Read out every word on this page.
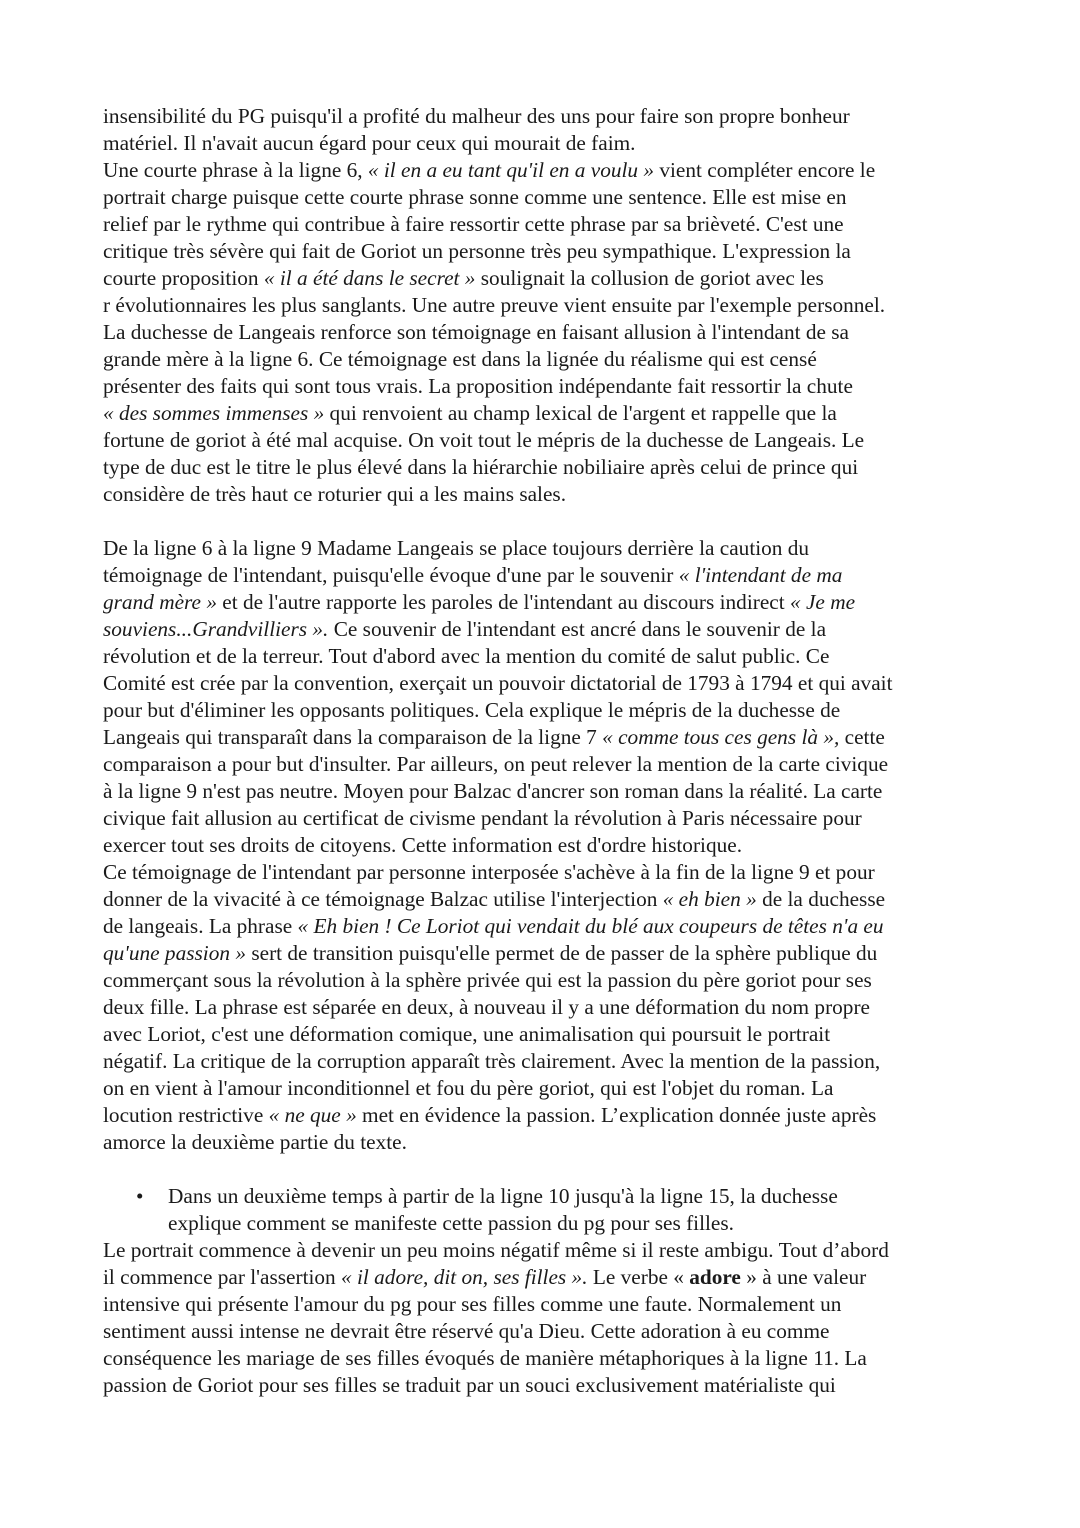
insensibilité du PG puisqu'il a profité du malheur des uns pour faire son propre bonheur
matériel. Il n'avait aucun égard pour ceux qui mourait de faim.
Une courte phrase à la ligne 6, « il en a eu tant qu'il en a voulu » vient compléter encore le
portrait charge puisque cette courte phrase sonne comme une sentence. Elle est mise en
relief par le rythme qui contribue à faire ressortir cette phrase par sa brièveté. C'est une
critique très sévère qui fait de Goriot un personne très peu sympathique. L'expression la
courte proposition « il a été dans le secret » soulignait la collusion de goriot avec les
r évolutionnaires les plus sanglants. Une autre preuve vient ensuite par l'exemple personnel.
La duchesse de Langeais renforce son témoignage en faisant allusion à l'intendant de sa
grande mère à la ligne 6. Ce témoignage est dans la lignée du réalisme qui est censé
présenter des faits qui sont tous vrais. La proposition indépendante fait ressortir la chute
« des sommes immenses » qui renvoient au champ lexical de l'argent et rappelle que la
fortune de goriot à été mal acquise. On voit tout le mépris de la duchesse de Langeais. Le
type de duc est le titre le plus élevé dans la hiérarchie nobiliaire après celui de prince qui
considère de très haut ce roturier qui a les mains sales.
De la ligne 6 à la ligne 9 Madame Langeais se place toujours derrière la caution du
témoignage de l'intendant, puisqu'elle évoque d'une par le souvenir « l'intendant de ma
grand mère » et de l'autre rapporte les paroles de l'intendant au discours indirect « Je me
souviens...Grandvilliers ». Ce souvenir de l'intendant est ancré dans le souvenir de la
révolution et de la terreur. Tout d'abord avec la mention du comité de salut public. Ce
Comité est crée par la convention, exerçait un pouvoir dictatorial de 1793 à 1794 et qui avait
pour but d'éliminer les opposants politiques. Cela explique le mépris de la duchesse de
Langeais qui transparaît dans la comparaison de la ligne 7 « comme tous ces gens là », cette
comparaison a pour but d'insulter. Par ailleurs, on peut relever la mention de la carte civique
à la ligne 9 n'est pas neutre. Moyen pour Balzac d'ancrer son roman dans la réalité. La carte
civique fait allusion au certificat de civisme pendant la révolution à Paris nécessaire pour
exercer tout ses droits de citoyens. Cette information est d'ordre historique.
Ce témoignage de l'intendant par personne interposée s'achève à la fin de la ligne 9 et pour
donner de la vivacité à ce témoignage Balzac utilise l'interjection « eh bien » de la duchesse
de langeais. La phrase « Eh bien ! Ce Loriot qui vendait du blé aux coupeurs de têtes n'a eu
qu'une passion » sert de transition puisqu'elle permet de de passer de la sphère publique du
commerçant sous la révolution à la sphère privée qui est la passion du père goriot pour ses
deux fille. La phrase est séparée en deux, à nouveau il y a une déformation du nom propre
avec Loriot, c'est une déformation comique, une animalisation qui poursuit le portrait
négatif. La critique de la corruption apparaît très clairement. Avec la mention de la passion,
on en vient à l'amour inconditionnel et fou du père goriot, qui est l'objet du roman. La
locution restrictive « ne que » met en évidence la passion. L’explication donnée juste après
amorce la deuxième partie du texte.
• Dans un deuxième temps à partir de la ligne 10 jusqu'à la ligne 15, la duchesse
explique comment se manifeste cette passion du pg pour ses filles.
Le portrait commence à devenir un peu moins négatif même si il reste ambigu. Tout d’abord
il commence par l'assertion « il adore, dit on, ses filles ». Le verbe « adore » à une valeur
intensive qui présente l'amour du pg pour ses filles comme une faute. Normalement un
sentiment aussi intense ne devrait être réservé qu'a Dieu. Cette adoration à eu comme
conséquence les mariage de ses filles évoqués de manière métaphoriques à la ligne 11. La
passion de Goriot pour ses filles se traduit par un souci exclusivement matérialiste qui
